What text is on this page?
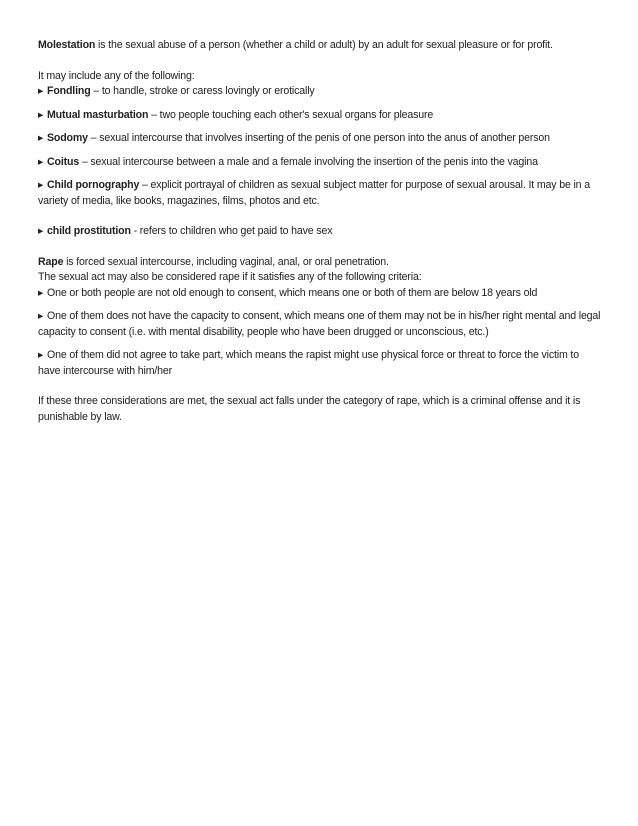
Molestation is the sexual abuse of a person (whether a child or adult) by an adult for sexual pleasure or for profit.

It may include any of the following:

▸ Fondling – to handle, stroke or caress lovingly or erotically

▸ Mutual masturbation – two people touching each other's sexual organs for pleasure

▸ Sodomy – sexual intercourse that involves inserting of the penis of one person into the anus of another person

▸ Coitus – sexual intercourse between a male and a female involving the insertion of the penis into the vagina

▸ Child pornography – explicit portrayal of children as sexual subject matter for purpose of sexual arousal. It may be in a variety of media, like books, magazines, films, photos and etc.

▸ child prostitution - refers to children who get paid to have sex

Rape is forced sexual intercourse, including vaginal, anal, or oral penetration.

The sexual act may also be considered rape if it satisfies any of the following criteria:

▸ One or both people are not old enough to consent, which means one or both of them are below 18 years old

▸ One of them does not have the capacity to consent, which means one of them may not be in his/her right mental and legal capacity to consent (i.e. with mental disability, people who have been drugged or unconscious, etc.)

▸ One of them did not agree to take part, which means the rapist might use physical force or threat to force the victim to have intercourse with him/her

If these three considerations are met, the sexual act falls under the category of rape, which is a criminal offense and it is punishable by law.
